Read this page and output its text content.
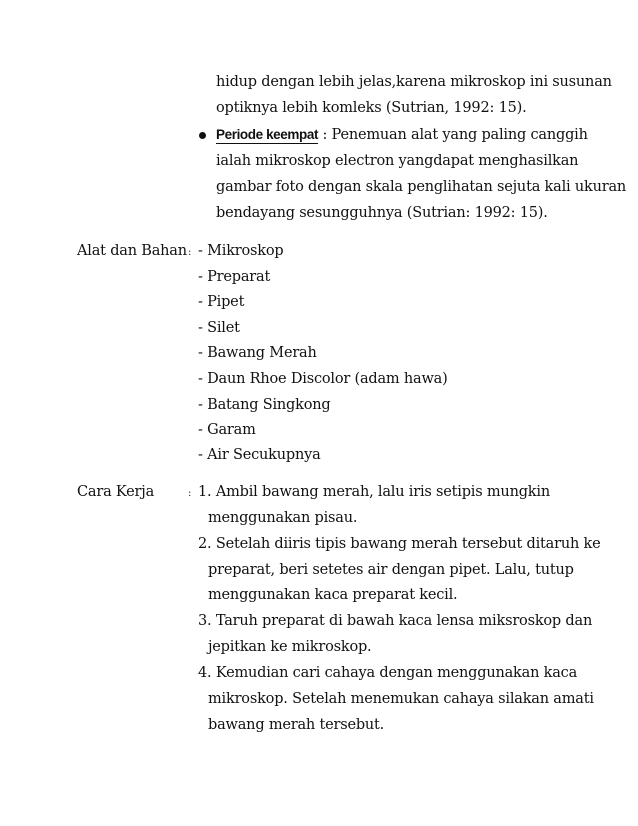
hidup dengan lebih jelas,karena mikroskop ini susunan
optiknya lebih komleks (Sutrian, 1992: 15).
Periode keempat : Penemuan alat yang paling canggih
ialah mikroskop electron yangdapat menghasilkan
gambar foto dengan skala penglihatan sejuta kali ukuran
bendayang sesungguhnya (Sutrian: 1992: 15).
Alat dan Bahan : - Mikroskop
- Preparat
- Pipet
- Silet
- Bawang Merah
- Daun Rhoe Discolor (adam hawa)
- Batang Singkong
- Garam
- Air Secukupnya
Cara Kerja	: 1. Ambil bawang merah, lalu iris setipis mungkin
menggunakan pisau.
2. Setelah diiris tipis bawang merah tersebut ditaruh ke
preparat, beri setetes air dengan pipet. Lalu, tutup
menggunakan kaca preparat kecil.
3. Taruh preparat di bawah kaca lensa miksroskop dan
jepitkan ke mikroskop.
4. Kemudian cari cahaya dengan menggunakan kaca
mikroskop. Setelah menemukan cahaya silakan amati
bawang merah tersebut.
